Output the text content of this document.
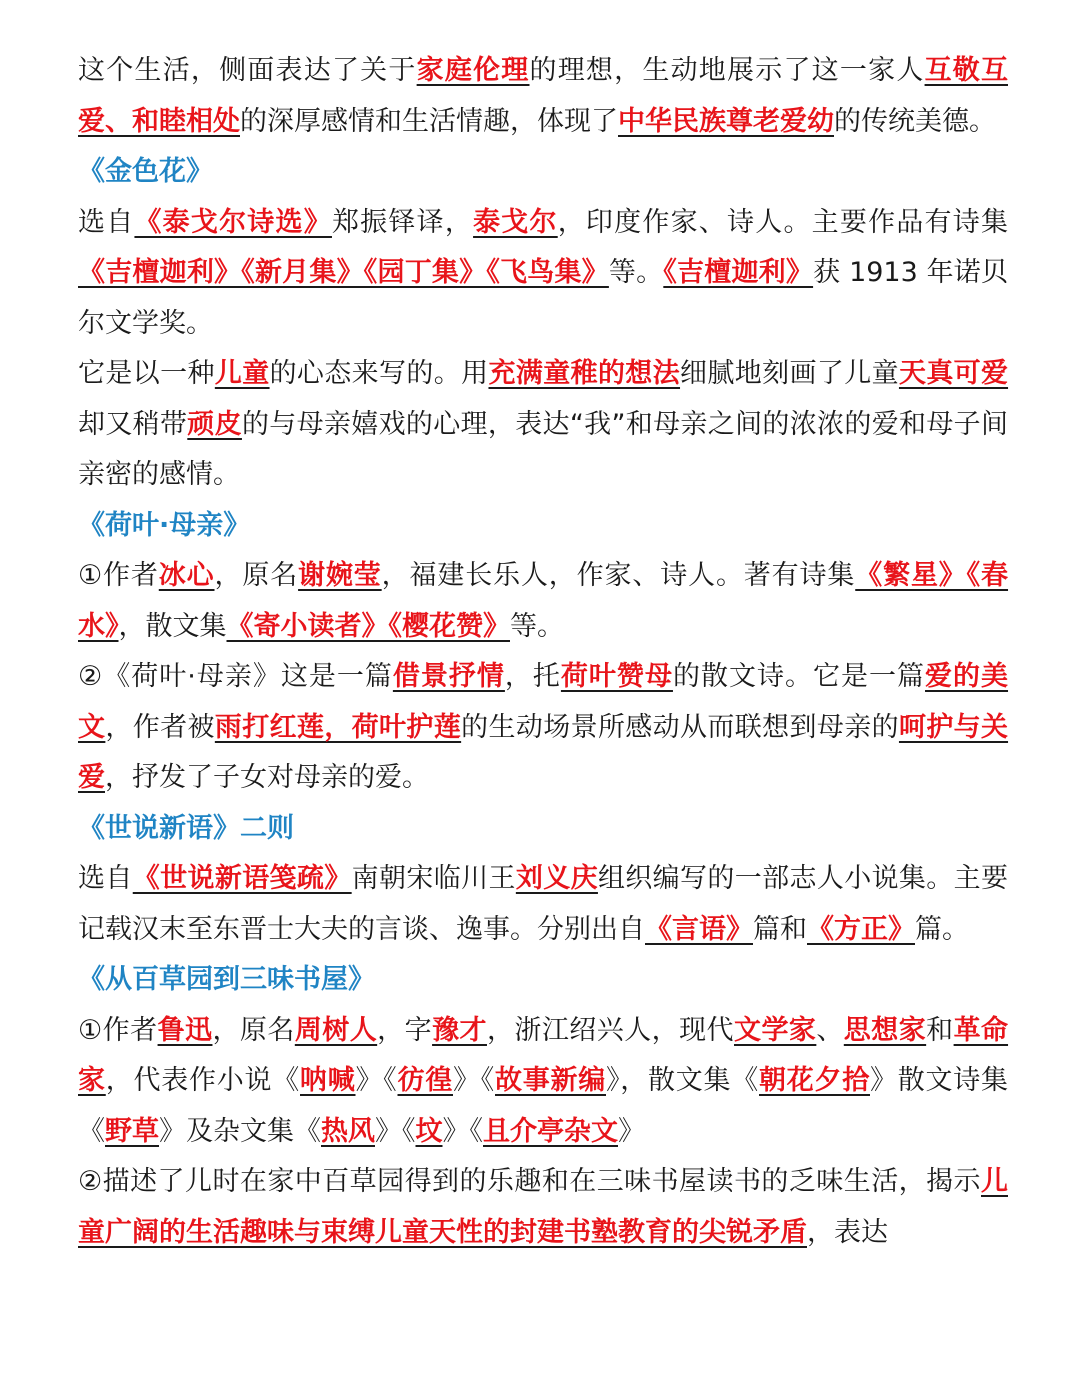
这个生活，侧面表达了关于家庭伦理的理想，生动地展示了这一家人互敬互爱、和睦相处的深厚感情和生活情趣，体现了中华民族尊老爱幼的传统美德。

《金色花》

选自《泰戈尔诗选》郑振铎译，泰戈尔，印度作家、诗人。主要作品有诗集《吉檀迦利》《新月集》《园丁集》《飞鸟集》等。《吉檀迦利》获 1913 年诺贝尔文学奖。

它是以一种儿童的心态来写的。用充满童稚的想法细腻地刻画了儿童天真可爱却又稍带顽皮的与母亲嬉戏的心理，表达“我”和母亲之间的浓浓的爱和母子间亲密的感情。

《荷叶·母亲》

①作者冰心，原名谢婉莹，福建长乐人，作家、诗人。著有诗集《繁星》《春水》，散文集《寄小读者》《樱花赞》等。

②《荷叶·母亲》这是一篇借景抒情，托荷叶赞母的散文诗。它是一篇爱的美文，作者被雨打红莲，荷叶护莲的生动场景所感动从而联想到母亲的呵护与关爱，抒发了子女对母亲的爱。

《世说新语》二则

选自《世说新语笺疏》南朝宋临川王刘义庆组织编写的一部志人小说集。主要记载汉末至东晋士大夫的言谈、逸事。分别出自《言语》篇和《方正》篇。

《从百草园到三味书屋》

①作者鲁迅，原名周树人，字豫才，浙江绍兴人，现代文学家、思想家和革命家，代表作小说《呐喊》《彷徨》《故事新编》，散文集《朝花夕拾》散文诗集《野草》及杂文集《热风》《坟》《且介亭杂文》

②描述了儿时在家中百草园得到的乐趣和在三味书屋读书的乏味生活，揭示儿童广阔的生活趣味与束缚儿童天性的封建书塾教育的尖锐矛盾，表达
